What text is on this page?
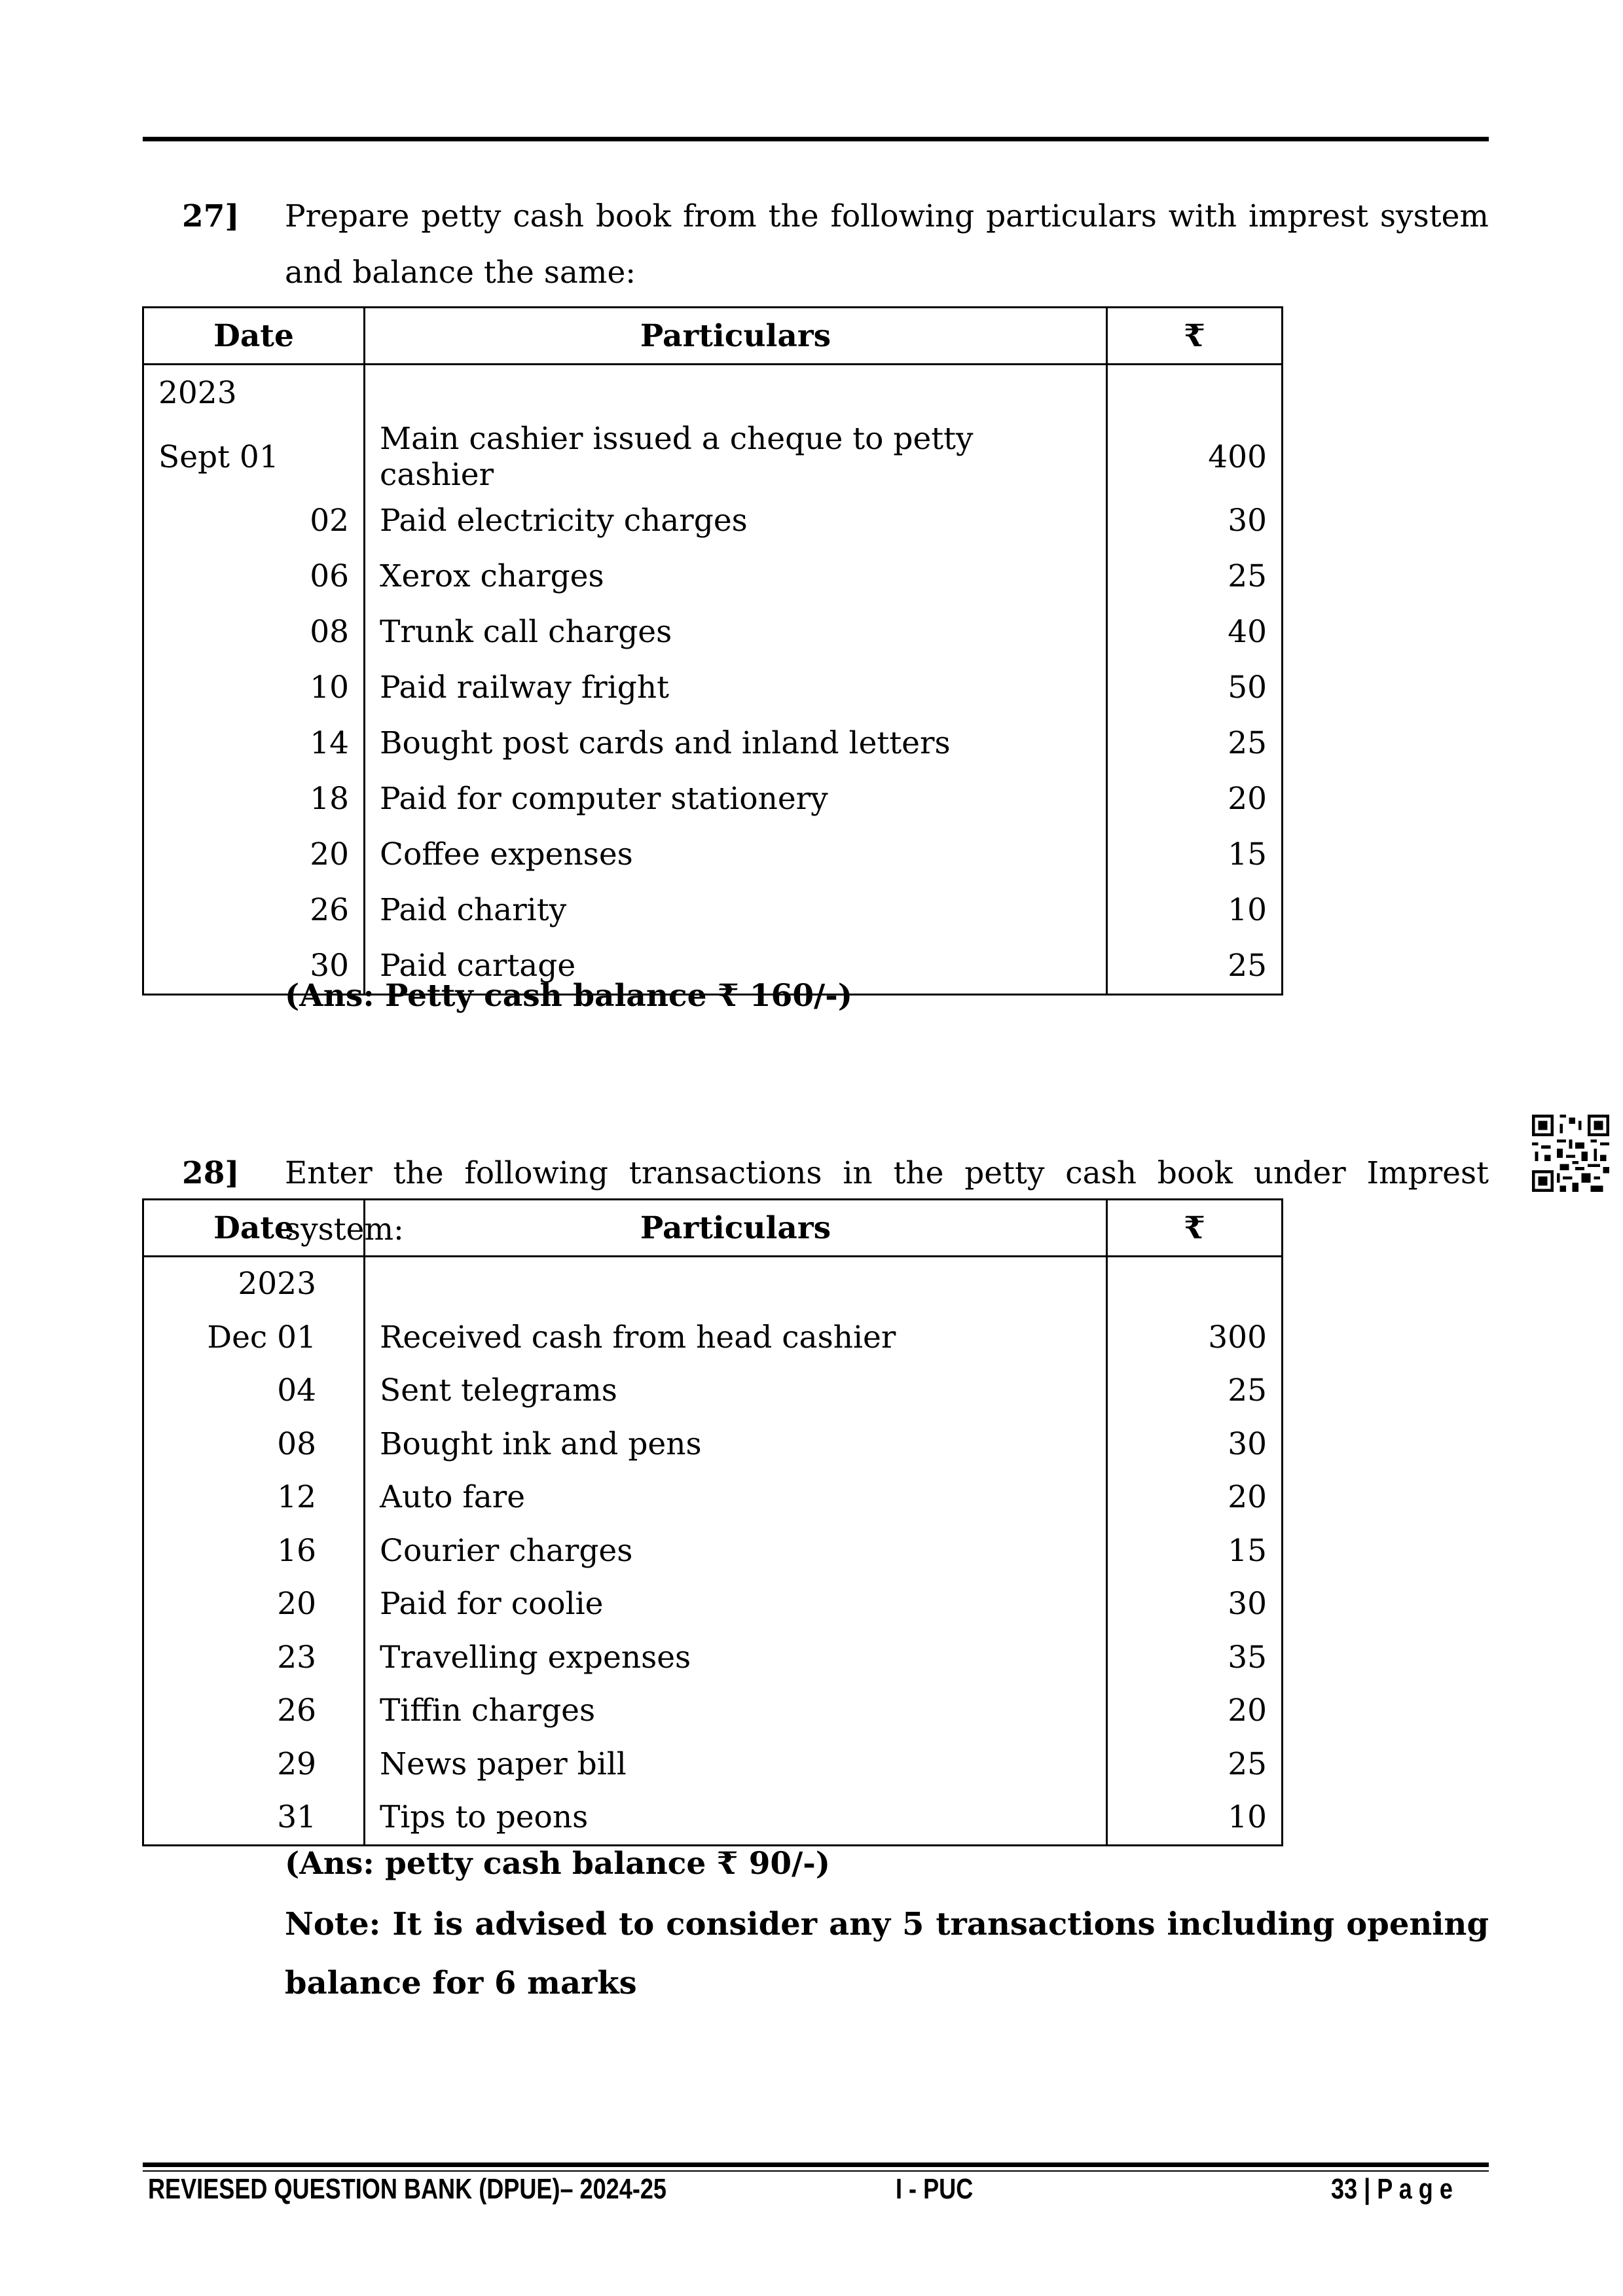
27] Prepare petty cash book from the following particulars with imprest system and balance the same:
Date	Particulars	₹
2023		
Sept 01	Main cashier issued a cheque to petty cashier	400
02	Paid electricity charges	30
06	Xerox charges	25
08	Trunk call charges	40
10	Paid railway fright	50
14	Bought post cards and inland letters	25
18	Paid for computer stationery	20
20	Coffee expenses	15
26	Paid charity	10
30	Paid cartage	25
(Ans: Petty cash balance ₹ 160/-)
28] Enter the following transactions in the petty cash book under Imprest system:
Date	Particulars	₹
2023		
Dec 01	Received cash from head cashier	300
04	Sent telegrams	25
08	Bought ink and pens	30
12	Auto fare	20
16	Courier charges	15
20	Paid for coolie	30
23	Travelling expenses	35
26	Tiffin charges	20
29	News paper bill	25
31	Tips to peons	10
(Ans: petty cash balance ₹ 90/-)
Note: It is advised to consider any 5 transactions including opening balance for 6 marks
REVIESED QUESTION BANK (DPUE)– 2024-25	I - PUC	33 | P a g e
